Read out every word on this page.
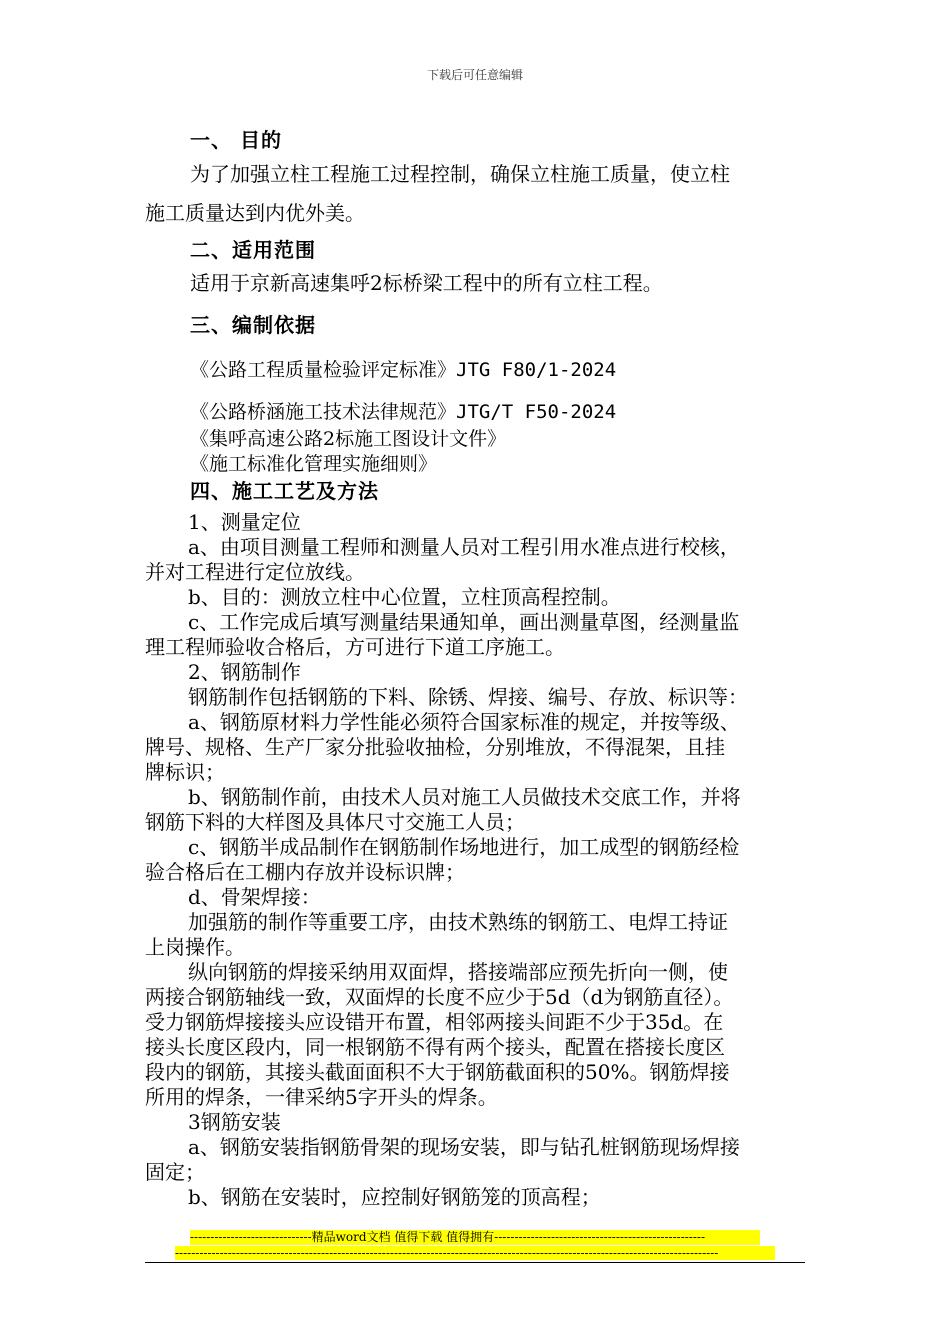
下载后可任意编辑
一、 目的
为了加强立柱工程施工过程控制，确保立柱施工质量，使立柱
施工质量达到内优外美。
二、适用范围
适用于京新高速集呼2标桥梁工程中的所有立柱工程。
三、编制依据
《公路工程质量检验评定标准》JTG F80/1-2024
《公路桥涵施工技术法律规范》JTG/T F50-2024
《集呼高速公路2标施工图设计文件》
《施工标准化管理实施细则》
四、施工工艺及方法
1、测量定位
a、由项目测量工程师和测量人员对工程引用水准点进行校核，
并对工程进行定位放线。
b、目的：测放立柱中心位置，立柱顶高程控制。
c、工作完成后填写测量结果通知单，画出测量草图，经测量监
理工程师验收合格后，方可进行下道工序施工。
2、钢筋制作
钢筋制作包括钢筋的下料、除锈、焊接、编号、存放、标识等：
a、钢筋原材料力学性能必须符合国家标准的规定，并按等级、
牌号、规格、生产厂家分批验收抽检，分别堆放，不得混架，且挂
牌标识；
b、钢筋制作前，由技术人员对施工人员做技术交底工作，并将
钢筋下料的大样图及具体尺寸交施工人员；
c、钢筋半成品制作在钢筋制作场地进行，加工成型的钢筋经检
验合格后在工棚内存放并设标识牌；
d、骨架焊接：
加强筋的制作等重要工序，由技术熟练的钢筋工、电焊工持证
上岗操作。
纵向钢筋的焊接采纳用双面焊，搭接端部应预先折向一侧，使
两接合钢筋轴线一致，双面焊的长度不应少于5d（d为钢筋直径）。
受力钢筋焊接接头应设错开布置，相邻两接头间距不少于35d。在
接头长度区段内，同一根钢筋不得有两个接头，配置在搭接长度区
段内的钢筋，其接头截面面积不大于钢筋截面积的50%。钢筋焊接
所用的焊条，一律采纳5字开头的焊条。
3钢筋安装
a、钢筋安装指钢筋骨架的现场安装，即与钻孔桩钢筋现场焊接
固定；
b、钢筋在安装时，应控制好钢筋笼的顶高程；
------------------------------精品word文档 值得下载 值得拥有----------------------------------------------------
--------------------------------------------------------------------------------------------------------------------------------------
